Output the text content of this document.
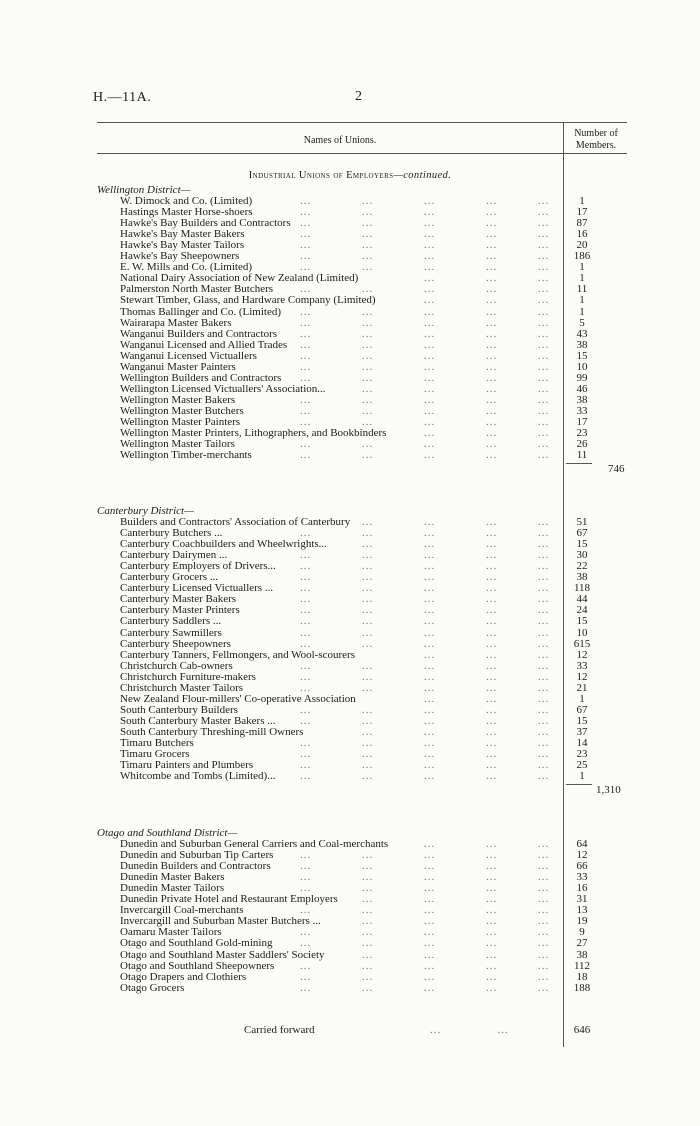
H.—11A.	2
Names of Unions.
Number of Members.
Industrial Unions of Employers—continued.
Wellington District—
W. Dimock and Co. (Limited)	...	...	...	...	...	1
Hastings Master Horse-shoers	...	...	...	...	...	17
Hawke's Bay Builders and Contractors ...	...	...	...	...	87
Hawke's Bay Master Bakers	...	...	...	...	...	16
Hawke's Bay Master Tailors	...	...	...	...	...	20
Hawke's Bay Sheepowners	...	...	...	...	...	186
E. W. Mills and Co. (Limited)	...	...	...	...	...	1
National Dairy Association of New Zealand (Limited)	...	...	...	1
Palmerston North Master Butchers ...	...	...	...	...	11
Stewart Timber, Glass, and Hardware Company (Limited)	...	...	...	1
Thomas Ballinger and Co. (Limited) ...	...	...	...	...	1
Wairarapa Master Bakers	...	...	...	...	...	5
Wanganui Builders and Contractors ...	...	...	...	...	43
Wanganui Licensed and Allied Trades ...	...	...	...	...	38
Wanganui Licensed Victuallers	...	...	...	...	...	15
Wanganui Master Painters	...	...	...	...	...	10
Wellington Builders and Contractors ...	...	...	...	...	99
Wellington Licensed Victuallers' Association...	...	...	...	...	46
Wellington Master Bakers	...	...	...	...	...	38
Wellington Master Butchers	...	...	...	...	...	33
Wellington Master Painters	...	...	...	...	...	17
Wellington Master Printers, Lithographers, and Bookbinders	...	...	...	23
Wellington Master Tailors	...	...	...	...	...	26
Wellington Timber-merchants	...	...	...	...	...	11
746
Canterbury District—
Builders and Contractors' Association of Canterbury ...	...	...	...	51
Canterbury Butchers ...	...	...	...	...	...	67
Canterbury Coachbuilders and Wheelwrights...	...	...	...	...	15
Canterbury Dairymen ...	...	...	...	...	...	30
Canterbury Employers of Drivers... ...	...	...	...	...	22
Canterbury Grocers ...	...	...	...	...	...	38
Canterbury Licensed Victuallers ... ...	...	...	...	...	118
Canterbury Master Bakers	...	...	...	...	...	44
Canterbury Master Printers	...	...	...	...	...	24
Canterbury Saddlers ...	...	...	...	...	...	15
Canterbury Sawmillers	...	...	...	...	...	10
Canterbury Sheepowners	...	...	...	...	...	615
Canterbury Tanners, Fellmongers, and Wool-scourers	...	...	...	12
Christchurch Cab-owners	...	...	...	...	...	33
Christchurch Furniture-makers	...	...	...	...	...	12
Christchurch Master Tailors	...	...	...	...	...	21
New Zealand Flour-millers' Co-operative Association	...	...	...	1
South Canterbury Builders	...	...	...	...	...	67
South Canterbury Master Bakers ... ...	...	...	...	...	15
South Canterbury Threshing-mill Owners	...	...	...	...	37
Timaru Butchers	...	...	...	...	...	14
Timaru Grocers	...	...	...	...	...	23
Timaru Painters and Plumbers	...	...	...	...	...	25
Whitcombe and Tombs (Limited)... ...	...	...	...	...	1
1,310
Otago and Southland District—
Dunedin and Suburban General Carriers and Coal-merchants	...	...	...	64
Dunedin and Suburban Tip Carters ...	...	...	...	...	12
Dunedin Builders and Contractors	...	...	...	...	...	66
Dunedin Master Bakers	...	...	...	...	...	33
Dunedin Master Tailors	...	...	...	...	...	16
Dunedin Private Hotel and Restaurant Employers ...	...	...	...	31
Invercargill Coal-merchants	...	...	...	...	...	13
Invercargill and Suburban Master Butchers ...	...	...	...	...	19
Oamaru Master Tailors	...	...	...	...	...	9
Otago and Southland Gold-mining	...	...	...	...	...	27
Otago and Southland Master Saddlers' Society	...	...	...	...	38
Otago and Southland Sheepowners ...	...	...	...	...	112
Otago Drapers and Clothiers	...	...	...	...	...	18
Otago Grocers	...	...	...	...	...	188
Carried forward	...               ...	646
